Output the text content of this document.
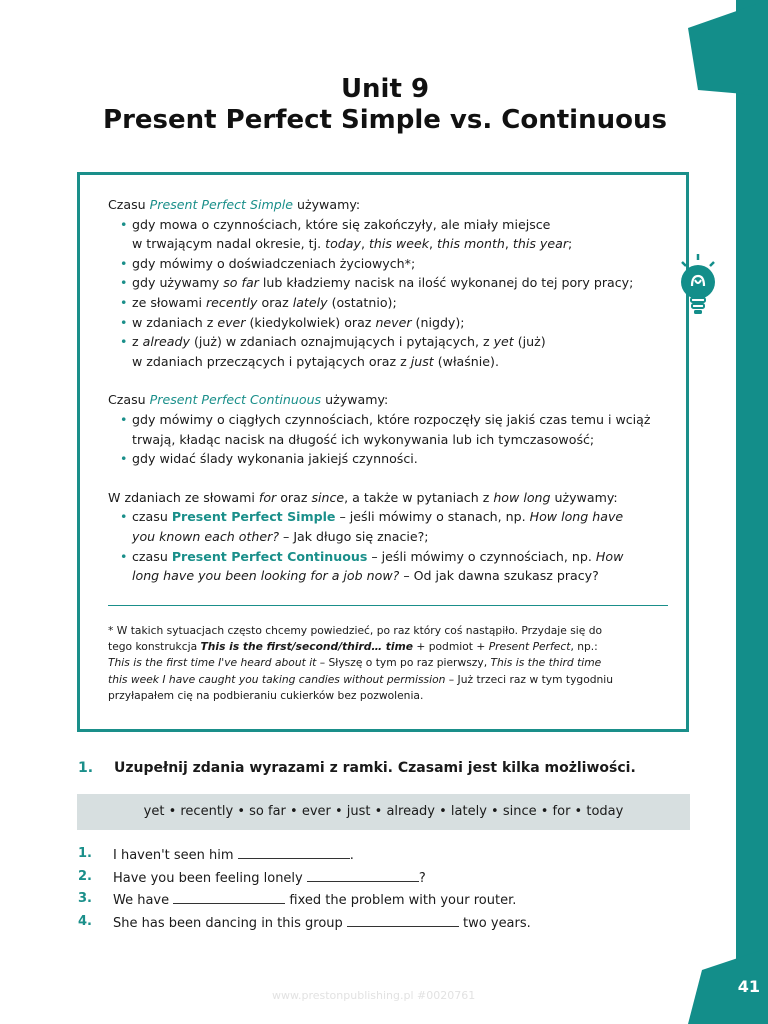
41
Unit 9
Present Perfect Simple vs. Continuous

Czasu Present Perfect Simple używamy:

• gdy mowa o czynnościach, które się zakończyły, ale miały miejsce
w trwającym nadal okresie, tj. today, this week, this month, this year;
• gdy mówimy o doświadczeniach życiowych*;
• gdy używamy so far lub kładziemy nacisk na ilość wykonanej do tej pory pracy;
• ze słowami recently oraz lately (ostatnio);
• w zdaniach z ever (kiedykolwiek) oraz never (nigdy);
• z already (już) w zdaniach oznajmujących i pytających, z yet (już)
w zdaniach przeczących i pytających oraz z just (właśnie).

Czasu Present Perfect Continuous używamy:

• gdy mówimy o ciągłych czynnościach, które rozpoczęły się jakiś czas temu i wciąż
trwają, kładąc nacisk na długość ich wykonywania lub ich tymczasowość;
• gdy widać ślady wykonania jakiejś czynności.

W zdaniach ze słowami for oraz since, a także w pytaniach z how long używamy:

• czasu Present Perfect Simple – jeśli mówimy o stanach, np. How long have
you known each other? – Jak długo się znacie?;
• czasu Present Perfect Continuous – jeśli mówimy o czynnościach, np. How
long have you been looking for a job now? – Od jak dawna szukasz pracy?

* W takich sytuacjach często chcemy powiedzieć, po raz który coś nastąpiło. Przydaje się do

tego konstrukcja This is the first/second/third… time + podmiot + Present Perfect, np.:

This is the first time I've heard about it – Słyszę o tym po raz pierwszy, This is the third time

this week I have caught you taking candies without permission – Już trzeci raz w tym tygodniu

przyłapałem cię na podbieraniu cukierków bez pozwolenia.

1. Uzupełnij zdania wyrazami z ramki. Czasami jest kilka możliwości.
yet • recently • so far • ever • just • already • lately • since • for • today
1. I haven't seen him	.
2. Have you been feeling lonely	?
3. We have	fixed the problem with your router.
4. She has been dancing in this group	two years.
www.prestonpublishing.pl #0020761
